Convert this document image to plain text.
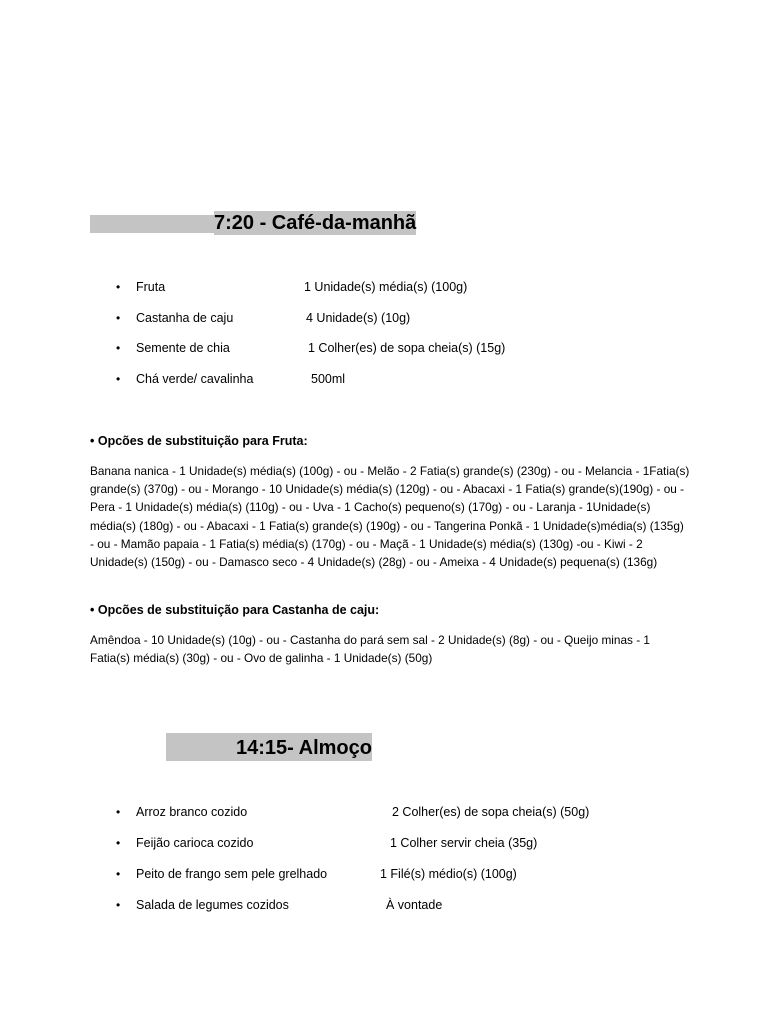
7:20 - Café-da-manhã
• Fruta	1 Unidade(s) média(s) (100g)
• Castanha de caju	4 Unidade(s) (10g)
• Semente de chia	1 Colher(es) de sopa cheia(s) (15g)
• Chá verde/ cavalinha	500ml
• Opcões de substituição para Fruta:

Banana nanica - 1 Unidade(s) média(s) (100g) - ou - Melão - 2 Fatia(s) grande(s) (230g) - ou - Melancia - 1Fatia(s) grande(s) (370g) - ou - Morango - 10 Unidade(s) média(s) (120g) - ou - Abacaxi - 1 Fatia(s) grande(s)(190g) - ou - Pera - 1 Unidade(s) média(s) (110g) - ou - Uva - 1 Cacho(s) pequeno(s) (170g) - ou - Laranja - 1Unidade(s) média(s) (180g) - ou - Abacaxi - 1 Fatia(s) grande(s) (190g) - ou - Tangerina Ponkã - 1 Unidade(s)média(s) (135g) - ou - Mamão papaia - 1 Fatia(s) média(s) (170g) - ou - Maçã - 1 Unidade(s) média(s) (130g) -ou - Kiwi - 2 Unidade(s) (150g) - ou - Damasco seco - 4 Unidade(s) (28g) - ou - Ameixa - 4 Unidade(s) pequena(s) (136g)

• Opcões de substituição para Castanha de caju:

Amêndoa - 10 Unidade(s) (10g) - ou - Castanha do pará sem sal - 2 Unidade(s) (8g) - ou - Queijo minas - 1 Fatia(s) média(s) (30g) - ou - Ovo de galinha - 1 Unidade(s) (50g)

14:15- Almoço
• Arroz branco cozido	2 Colher(es) de sopa cheia(s) (50g)
• Feijão carioca cozido	1 Colher servir cheia (35g)
• Peito de frango sem pele grelhado	1 Filé(s) médio(s) (100g)
• Salada de legumes cozidos	À vontade
